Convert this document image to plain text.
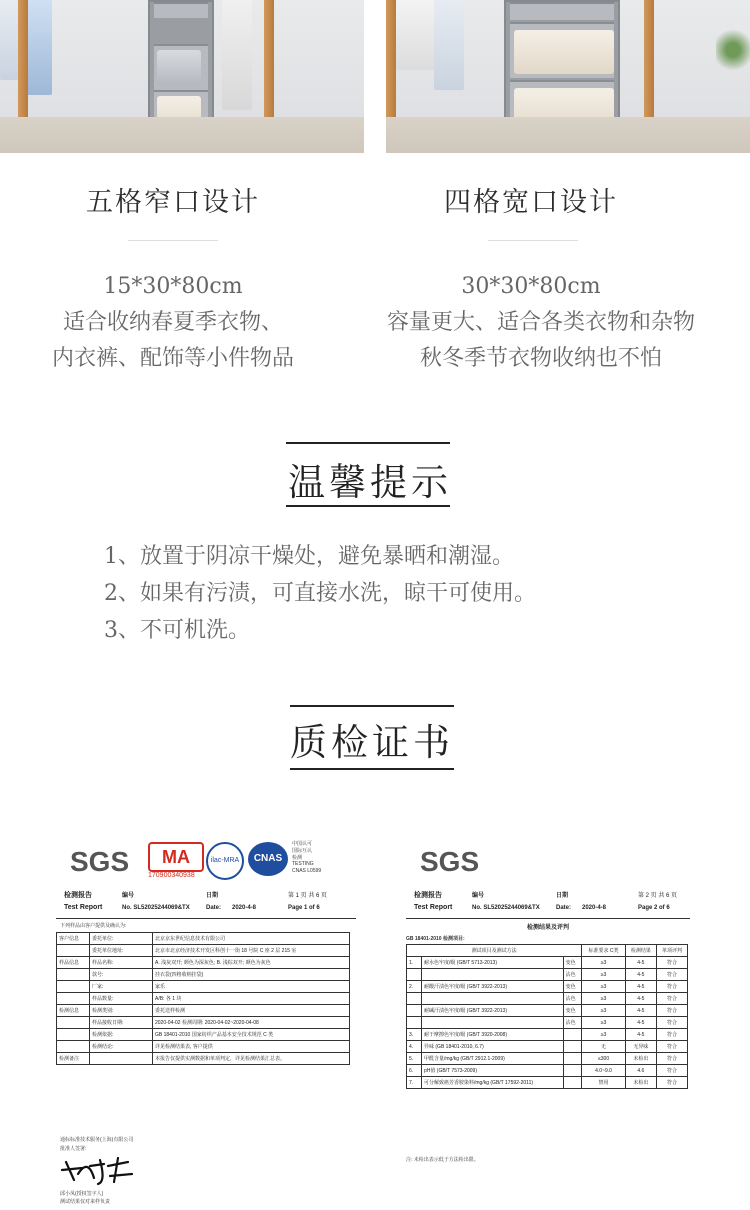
五格窄口设计
15*30*80cm
适合收纳春夏季衣物、
内衣裤、配饰等小件物品
四格宽口设计
30*30*80cm
容量更大、适合各类衣物和杂物
秋冬季节衣物收纳也不怕
温馨提示
1、放置于阴凉干燥处，避免暴晒和潮湿。
2、如果有污渍，可直接水洗，晾干可使用。
3、不可机洗。
质检证书
SGS	MA
170900340938
ilac-MRA	CNAS
中国认可
国际互认
检测
TESTING
CNAS L0599
检测报告
Test Report
编号
No. SL52025244069&TX
日期
Date: 2020-4-8
第 1 页 共 6 页
Page 1 of 6
下列样品由客户提供及确认为:
客户信息	委托单位:	北京京东世纪信息技术有限公司
	委托单位地址:	北京市北京经济技术开发区科创十一街 18 号院 C 座 2 层 215 室
样品信息	样品名称:	A. 浅灰双开; 颜色为深灰色; B. 浅棕双开; 颜色为灰色
	款号:	挂衣袋(四格收纳挂袋)
	厂家:	家乐
	样品数量:	A/B: 各 1 块
检测信息	检测类别:	委托送样检测
	样品接收日期:	2020-04-02 检测周期: 2020-04-02~2020-04-08
	检测依据:	GB 18401-2010 国家纺织产品基本安全技术规范 C 类
	检测结论:	详见检测结果表, 客户提供
检测备注		本报告仅提供实测数据和单项判定，详见检测结果汇总表。
通标标准技术服务(上海)有限公司
批准人签署:
邱小凤(授权签字人)
测试结果仅对来样负责
SGS
检测报告
Test Report
编号
No. SL52025244069&TX
日期
Date: 2020-4-8
第 2 页 共 6 页
Page 2 of 6
检测结果及评判
GB 18401-2010 检测项目:
测试项目及测试方法			标准要求 C类	检测结果	单项评判
1.	耐水色牢度/级 (GB/T 5713-2013)	变色	≥3	4-5	符合
		沾色	≥3	4-5	符合
2.	耐酸汗渍色牢度/级 (GB/T 3922-2013)	变色	≥3	4-5	符合
		沾色	≥3	4-5	符合
	耐碱汗渍色牢度/级 (GB/T 3922-2013)	变色	≥3	4-5	符合
		沾色	≥3	4-5	符合
3.	耐干摩擦色牢度/级 (GB/T 3920-2008)		≥3	4-5	符合
4.	异味 (GB 18401-2010, 6.7)		无	无异味	符合
5.	甲醛含量/mg/kg (GB/T 2912.1-2009)		≤300	未检出	符合
6.	pH值 (GB/T 7573-2009)		4.0~9.0	4.6	符合
7.	可分解致癌芳香胺染料/mg/kg (GB/T 17592-2011)		禁用	未检出	符合
注: 未检出表示低于方法检出限。
